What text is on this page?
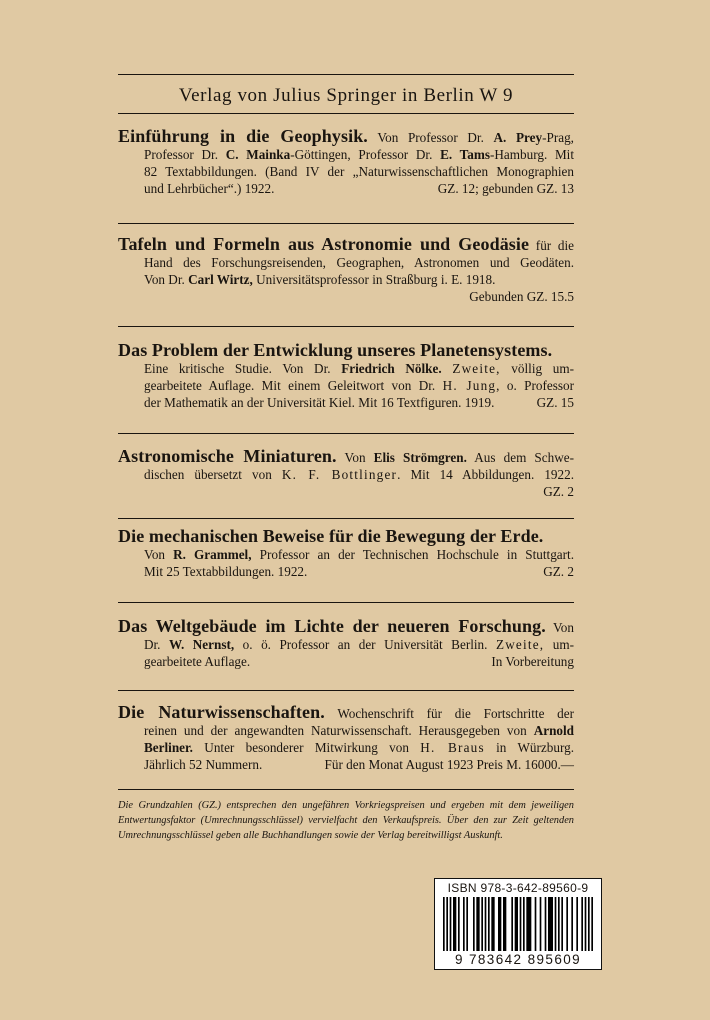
Verlag von Julius Springer in Berlin W 9
Einführung in die Geophysik. Von Professor Dr. A. Prey-Prag,
Professor Dr. C. Mainka-Göttingen, Professor Dr. E. Tams-Hamburg. Mit
82 Textabbildungen. (Band IV der „Naturwissenschaftlichen Monographien
und Lehrbücher“.) 1922.	GZ. 12; gebunden GZ. 13
Tafeln und Formeln aus Astronomie und Geodäsie für die
Hand des Forschungsreisenden, Geographen, Astronomen und Geodäten.
Von Dr. Carl Wirtz, Universitätsprofessor in Straßburg i. E. 1918.
Gebunden GZ. 15.5
Das Problem der Entwicklung unseres Planetensystems.
Eine kritische Studie. Von Dr. Friedrich Nölke. Zweite, völlig um-
gearbeitete Auflage. Mit einem Geleitwort von Dr. H. Jung, o. Professor
der Mathematik an der Universität Kiel. Mit 16 Textfiguren. 1919.	GZ. 15
Astronomische Miniaturen. Von Elis Strömgren. Aus dem Schwe-
dischen übersetzt von K. F. Bottlinger. Mit 14 Abbildungen. 1922.
GZ. 2
Die mechanischen Beweise für die Bewegung der Erde.
Von R. Grammel, Professor an der Technischen Hochschule in Stuttgart.
Mit 25 Textabbildungen. 1922.	GZ. 2
Das Weltgebäude im Lichte der neueren Forschung. Von
Dr. W. Nernst, o. ö. Professor an der Universität Berlin. Zweite, um-
gearbeitete Auflage.	In Vorbereitung
Die Naturwissenschaften. Wochenschrift für die Fortschritte der
reinen und der angewandten Naturwissenschaft. Herausgegeben von Arnold
Berliner. Unter besonderer Mitwirkung von H. Braus in Würzburg.
Jährlich 52 Nummern.	Für den Monat August 1923 Preis M. 16000.—
Die Grundzahlen (GZ.) entsprechen den ungefähren Vorkriegspreisen und ergeben mit dem jeweiligen Entwertungsfaktor (Umrechnungsschlüssel) vervielfacht den Verkaufspreis. Über den zur Zeit geltenden Umrechnungsschlüssel geben alle Buchhandlungen sowie der Verlag bereitwilligst Auskunft.
ISBN 978-3-642-89560-9
9 783642 895609
